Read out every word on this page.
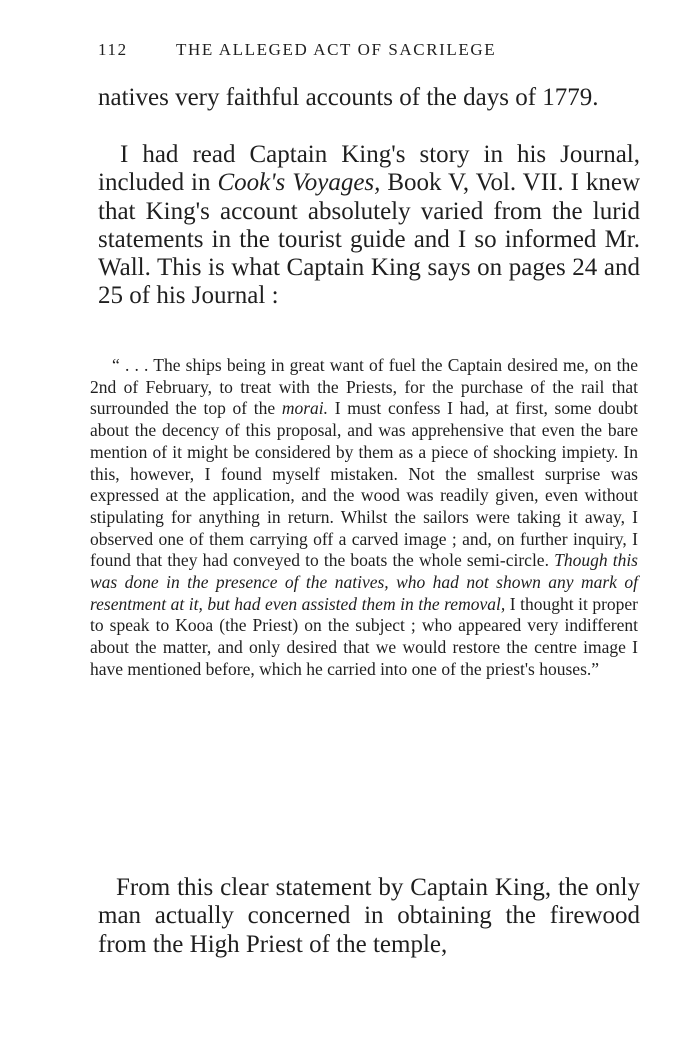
112	THE ALLEGED ACT OF SACRILEGE

natives very faithful accounts of the days of 1779.

I had read Captain King's story in his Journal, included in Cook's Voyages, Book V, Vol. VII. I knew that King's account absolutely varied from the lurid statements in the tourist guide and I so informed Mr. Wall. This is what Captain King says on pages 24 and 25 of his Journal :

“ . . . The ships being in great want of fuel the Captain desired me, on the 2nd of February, to treat with the Priests, for the purchase of the rail that surrounded the top of the morai. I must confess I had, at first, some doubt about the decency of this proposal, and was apprehensive that even the bare mention of it might be considered by them as a piece of shocking impiety. In this, however, I found myself mistaken. Not the smallest surprise was expressed at the application, and the wood was readily given, even without stipulating for anything in return. Whilst the sailors were taking it away, I observed one of them carrying off a carved image ; and, on further inquiry, I found that they had conveyed to the boats the whole semi-circle. Though this was done in the presence of the natives, who had not shown any mark of resentment at it, but had even assisted them in the removal, I thought it proper to speak to Kooa (the Priest) on the subject ; who appeared very indifferent about the matter, and only desired that we would restore the centre image I have mentioned before, which he carried into one of the priest's houses.”

From this clear statement by Captain King, the only man actually concerned in obtaining the firewood from the High Priest of the temple,
